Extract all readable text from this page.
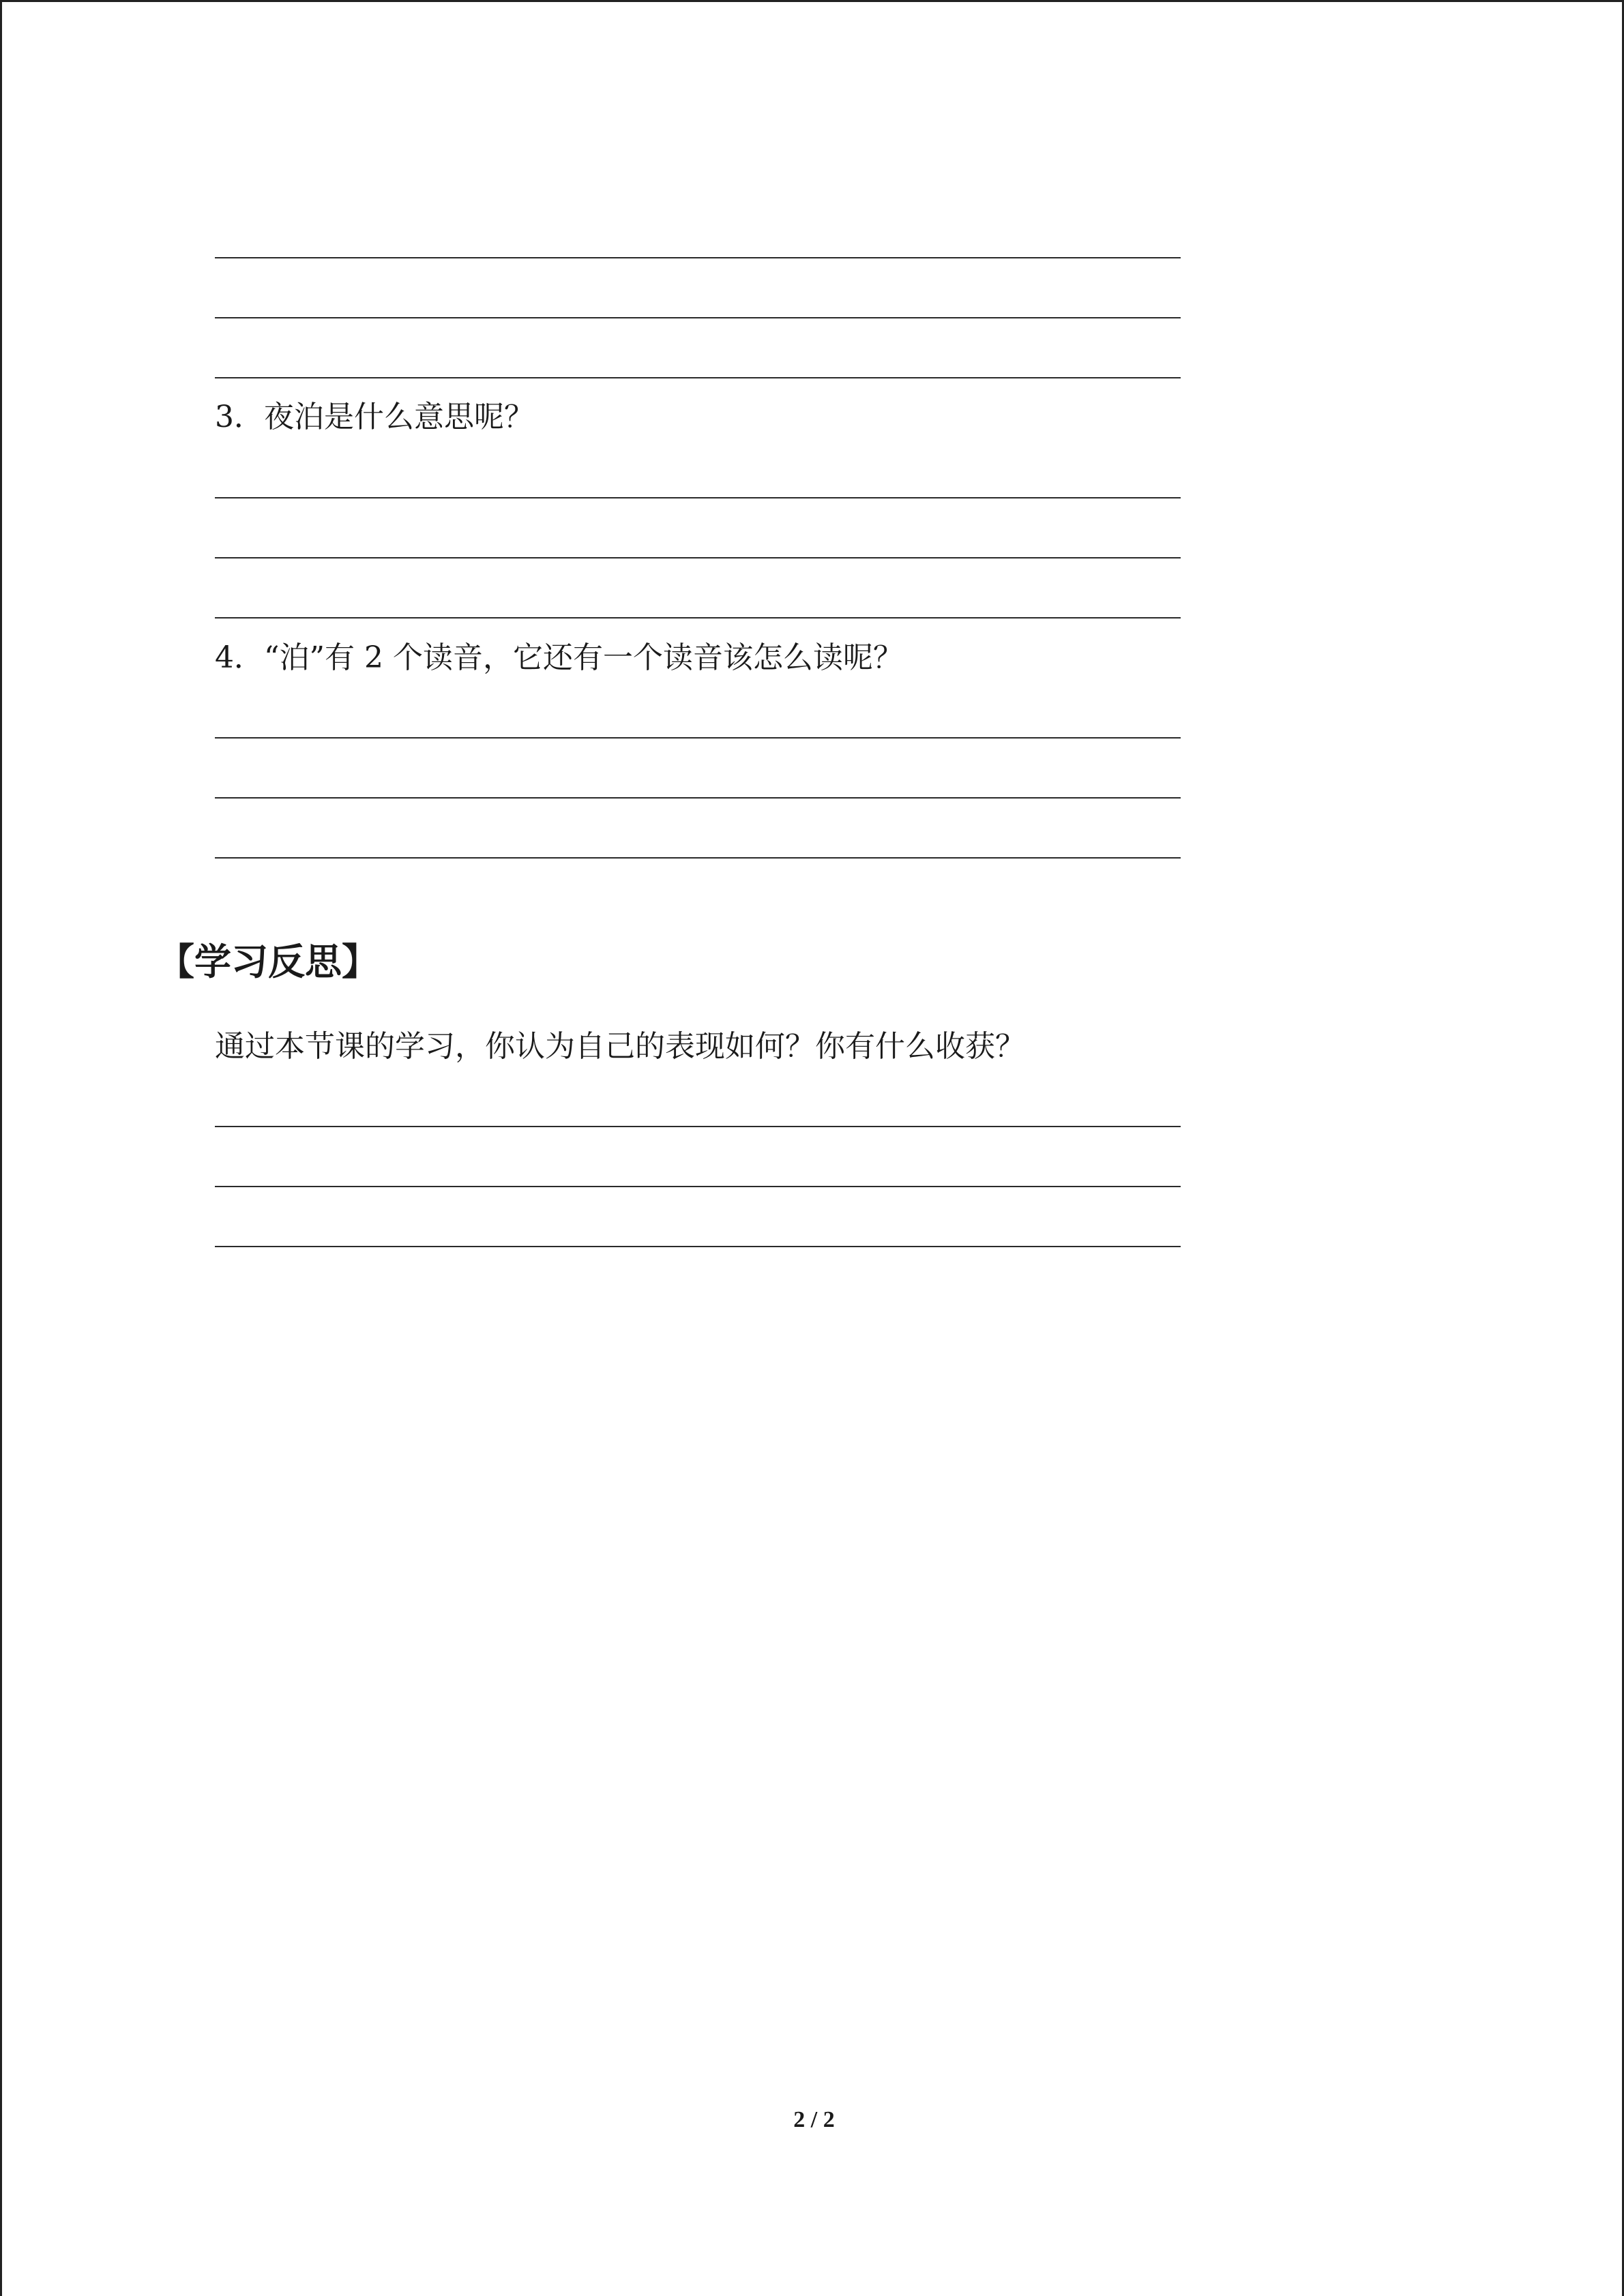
3．夜泊是什么意思呢？
4．“泊”有 2 个读音，它还有一个读音该怎么读呢？
【学习反思】
通过本节课的学习，你认为自己的表现如何？你有什么收获？
2 / 2
